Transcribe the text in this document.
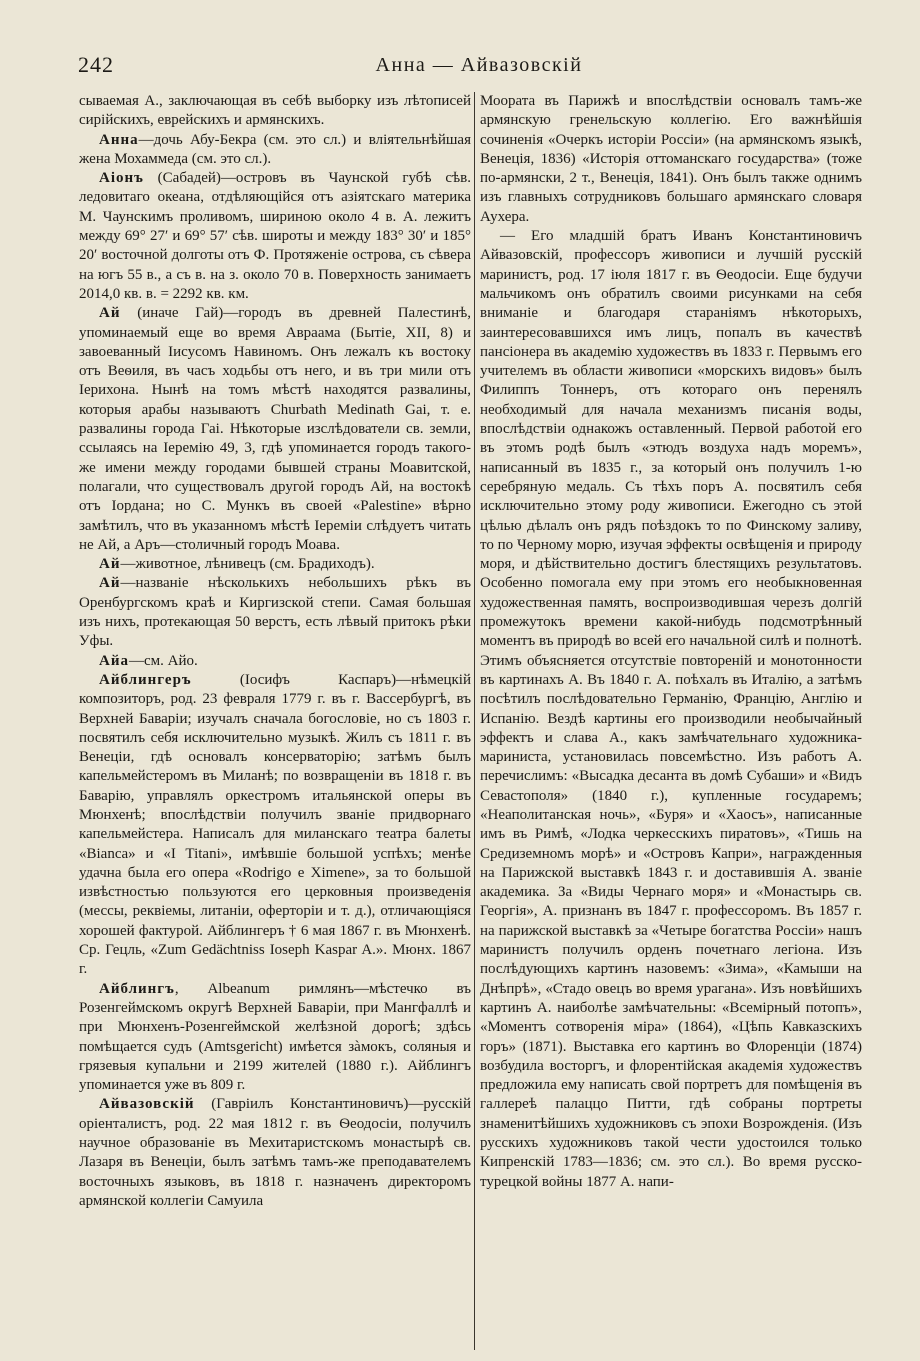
242	Анна — Айвазовскій

сываемая А., заключающая въ себѣ выборку изъ лѣтописей сирійскихъ, еврейскихъ и армянскихъ.

Анна—дочь Абу-Бекра (см. это сл.) и влiятельнѣйшая жена Мохаммеда (см. это сл.).

Аіонъ (Сабадей)—островъ въ Чаунской губѣ сѣв. ледовитаго океана, отдѣляющійся отъ азіятскаго материка М. Чаунскимъ проливомъ, шириною около 4 в. А. лежитъ между 69° 27′ и 69° 57′ сѣв. широты и между 183° 30′ и 185° 20′ восточной долготы отъ Ф. Протяженіе острова, съ сѣвера на югъ 55 в., а съ в. на з. около 70 в. Поверхность занимаетъ 2014,0 кв. в. = 2292 кв. км.

Ай (иначе Гай)—городъ въ древней Палестинѣ, упоминаемый еще во время Авраама (Бытіе, XII, 8) и завоеванный Іисусомъ Навиномъ. Онъ лежалъ къ востоку отъ Веѳиля, въ часъ ходьбы отъ него, и въ три мили отъ Іерихона. Нынѣ на томъ мѣстѣ находятся развалины, которыя арабы называютъ Churbath Medinath Gai, т. е. развалины города Гаі. Нѣкоторые изслѣдователи св. земли, ссылаясь на Іеремію 49, 3, гдѣ упоминается городъ такого-же имени между городами бывшей страны Моавитской, полагали, что существовалъ другой городъ Ай, на востокѣ отъ Іордана; но С. Мункъ въ своей «Palestine» вѣрно замѣтилъ, что въ указанномъ мѣстѣ Іереміи слѣдуетъ читать не Ай, а Аръ—столичный городъ Моава.

Ай—животное, лѣнивецъ (см. Брадиходъ).

Ай—названіе нѣсколькихъ небольшихъ рѣкъ въ Оренбургскомъ краѣ и Киргизской степи. Самая большая изъ нихъ, протекающая 50 верстъ, есть лѣвый притокъ рѣки Уфы.

Айа—см. Айо.

Айблингеръ (Іосифъ Каспаръ)—нѣмецкій композиторъ, род. 23 февраля 1779 г. въ г. Вассербургѣ, въ Верхней Баваріи; изучалъ сначала богословіе, но съ 1803 г. посвятилъ себя исключительно музыкѣ. Жилъ съ 1811 г. въ Венеціи, гдѣ основалъ консерваторію; затѣмъ былъ капельмейстеромъ въ Миланѣ; по возвращеніи въ 1818 г. въ Баварію, управлялъ оркестромъ итальянской оперы въ Мюнхенѣ; впослѣдствіи получилъ званіе придворнаго капельмейстера. Написалъ для миланскаго театра балеты «Bianca» и «I Titani», имѣвшіе большой успѣхъ; менѣе удачна была его опера «Rodrigo e Ximene», за то большой извѣстностью пользуются его церковныя произведенія (мессы, реквіемы, литаніи, оферторіи и т. д.), отличающіяся хорошей фактурой. Айблингеръ † 6 мая 1867 г. въ Мюнхенѣ. Ср. Гецль, «Zum Gedächtniss Ioseph Kaspar A.». Мюнх. 1867 г.

Айблингъ, Albeanum римлянъ—мѣстечко въ Розенгеймскомъ округѣ Верхней Баваріи, при Мангфаллѣ и при Мюнхенъ-Розенгеймской желѣзной дорогѣ; здѣсь помѣщается судъ (Amtsgericht) имѣется зàмокъ, соляныя и грязевыя купальни и 2199 жителей (1880 г.). Айблингъ упоминается уже въ 809 г.

Айвазовскій (Гавріилъ Константиновичъ)—русскій оріенталистъ, род. 22 мая 1812 г. въ Ѳеодосіи, получилъ научное образованіе въ Мехитаристскомъ монастырѣ св. Лазаря въ Венеціи, былъ затѣмъ тамъ-же преподавателемъ восточныхъ языковъ, въ 1818 г. назначенъ директоромъ армянской коллегіи Самуила

Моората въ Парижѣ и впослѣдствіи основалъ тамъ-же армянскую гренельскую коллегію. Его важнѣйшія сочиненія «Очеркъ исторіи Россіи» (на армянскомъ языкѣ, Венеція, 1836) «Исторія оттоманскаго государства» (тоже по-армянски, 2 т., Венеція, 1841). Онъ былъ также однимъ изъ главныхъ сотрудниковъ большаго армянскаго словаря Аухера.

— Его младшій братъ Иванъ Константиновичъ Айвазовскій, профессоръ живописи и лучшій русскій маринистъ, род. 17 іюля 1817 г. въ Ѳеодосіи. Еще будучи мальчикомъ онъ обратилъ своими рисунками на себя вниманіе и благодаря стараніямъ нѣкоторыхъ, заинтересовавшихся имъ лицъ, попалъ въ качествѣ пансіонера въ академію художествъ въ 1833 г. Первымъ его учителемъ въ области живописи «морскихъ видовъ» былъ Филиппъ Тоннеръ, отъ котораго онъ перенялъ необходимый для начала механизмъ писанія воды, впослѣдствіи однакожъ оставленный. Первой работой его въ этомъ родѣ былъ «этюдъ воздуха надъ моремъ», написанный въ 1835 г., за который онъ получилъ 1-ю серебряную медаль. Съ тѣхъ поръ А. посвятилъ себя исключительно этому роду живописи. Ежегодно съ этой цѣлью дѣлалъ онъ рядъ поѣздокъ то по Финскому заливу, то по Черному морю, изучая эффекты освѣщенія и природу моря, и дѣйствительно достигъ блестящихъ результатовъ. Особенно помогала ему при этомъ его необыкновенная художественная память, воспроизводившая черезъ долгій промежутокъ времени какой-нибудь подсмотрѣнный моментъ въ природѣ во всей его начальной силѣ и полнотѣ. Этимъ объясняется отсутствіе повтореній и монотонности въ картинахъ А. Въ 1840 г. А. поѣхалъ въ Италію, а затѣмъ посѣтилъ послѣдовательно Германію, Францію, Англію и Испанію. Вездѣ картины его производили необычайный эффектъ и слава А., какъ замѣчательнаго художника-мариниста, установилась повсемѣстно. Изъ работъ А. перечислимъ: «Высадка десанта въ домѣ Субаши» и «Видъ Севастополя» (1840 г.), купленные государемъ; «Неаполитанская ночь», «Буря» и «Хаосъ», написанные имъ въ Римѣ, «Лодка черкесскихъ пиратовъ», «Тишь на Средиземномъ морѣ» и «Островъ Капри», награжденныя на Парижской выставкѣ 1843 г. и доставившія А. званіе академика. За «Виды Чернаго моря» и «Монастырь св. Георгія», А. признанъ въ 1847 г. профессоромъ. Въ 1857 г. на парижской выставкѣ за «Четыре богатства Россіи» нашъ маринистъ получилъ орденъ почетнаго легіона. Изъ послѣдующихъ картинъ назовемъ: «Зима», «Камыши на Днѣпрѣ», «Стадо овецъ во время урагана». Изъ новѣйшихъ картинъ А. наиболѣе замѣчательны: «Всемірный потопъ», «Моментъ сотворенія міра» (1864), «Цѣпь Кавказскихъ горъ» (1871). Выставка его картинъ во Флоренціи (1874) возбудила восторгъ, и флорентійская академія художествъ предложила ему написать свой портретъ для помѣщенія въ галлереѣ палаццо Питти, гдѣ собраны портреты знаменитѣйшихъ художниковъ съ эпохи Возрожденія. (Изъ русскихъ художниковъ такой чести удостоился только Кипренскій 1783—1836; см. это сл.). Во время русско-турецкой войны 1877 А. напи-
